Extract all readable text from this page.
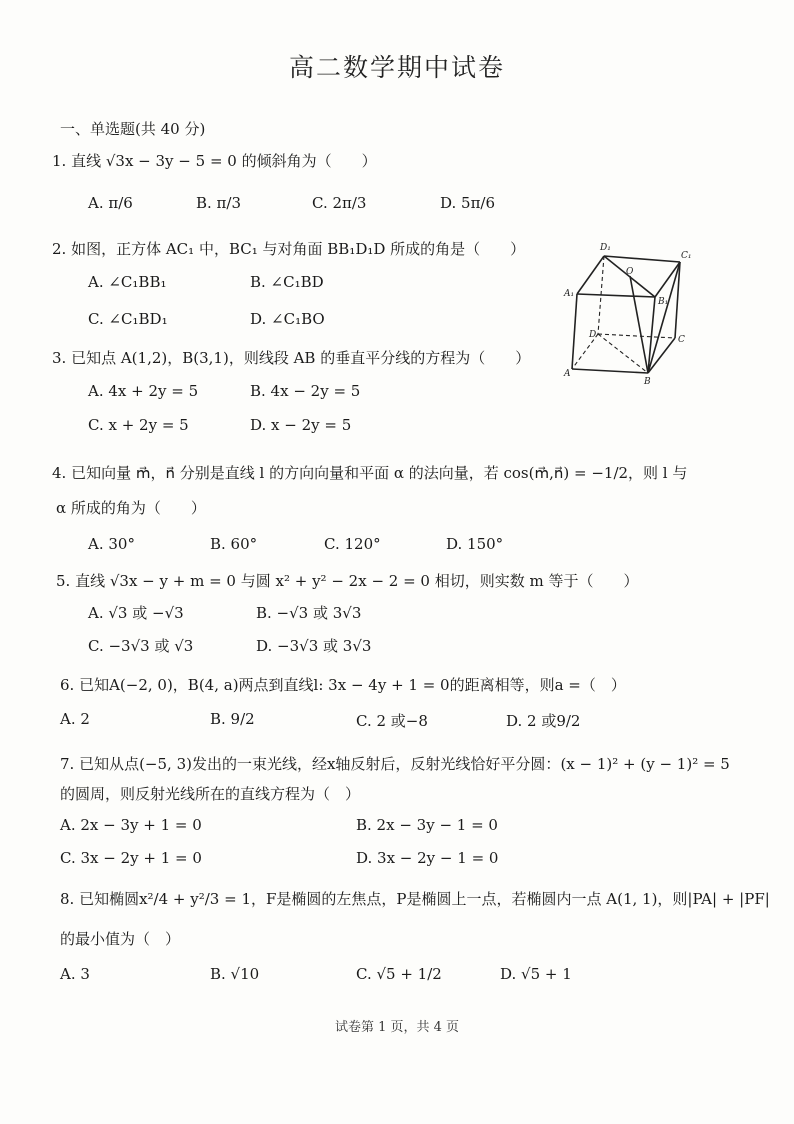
高二数学期中试卷
一、单选题(共 40 分)
1. 直线 √3x − 3y − 5 = 0 的倾斜角为（　　）
A. π/6	B. π/3	C. 2π/3	D. 5π/6
2. 如图，正方体 AC₁ 中，BC₁ 与对角面 BB₁D₁D 所成的角是（　　）
A. ∠C₁BB₁	B. ∠C₁BD
C. ∠C₁BD₁	D. ∠C₁BO
D₁
C₁
A₁
B₁
O
D	C
A
B
3. 已知点 A(1,2)，B(3,1)，则线段 AB 的垂直平分线的方程为（　　）
A. 4x + 2y = 5	B. 4x − 2y = 5
C. x + 2y = 5	D. x − 2y = 5
4. 已知向量 m⃗，n⃗ 分别是直线 l 的方向向量和平面 α 的法向量，若 cos(m⃗,n⃗) = −1/2，则 l 与
α 所成的角为（　　）
A. 30°	B. 60°	C. 120°	D. 150°
5. 直线 √3x − y + m = 0 与圆 x² + y² − 2x − 2 = 0 相切，则实数 m 等于（　　）
A. √3 或 −√3	B. −√3 或 3√3
C. −3√3 或 √3	D. −3√3 或 3√3
6. 已知A(−2, 0)，B(4, a)两点到直线l: 3x − 4y + 1 = 0的距离相等，则a =（　）
A. 2	B. 9/2	C. 2 或−8	D. 2 或9/2
7. 已知从点(−5, 3)发出的一束光线，经x轴反射后，反射光线恰好平分圆：(x − 1)² + (y − 1)² = 5
的圆周，则反射光线所在的直线方程为（　）
A. 2x − 3y + 1 = 0	B. 2x − 3y − 1 = 0
C. 3x − 2y + 1 = 0	D. 3x − 2y − 1 = 0
8. 已知椭圆x²/4 + y²/3 = 1，F是椭圆的左焦点，P是椭圆上一点，若椭圆内一点 A(1, 1)，则|PA| + |PF|
的最小值为（　）
A. 3	B. √10	C. √5 + 1/2	D. √5 + 1
试卷第 1 页，共 4 页
